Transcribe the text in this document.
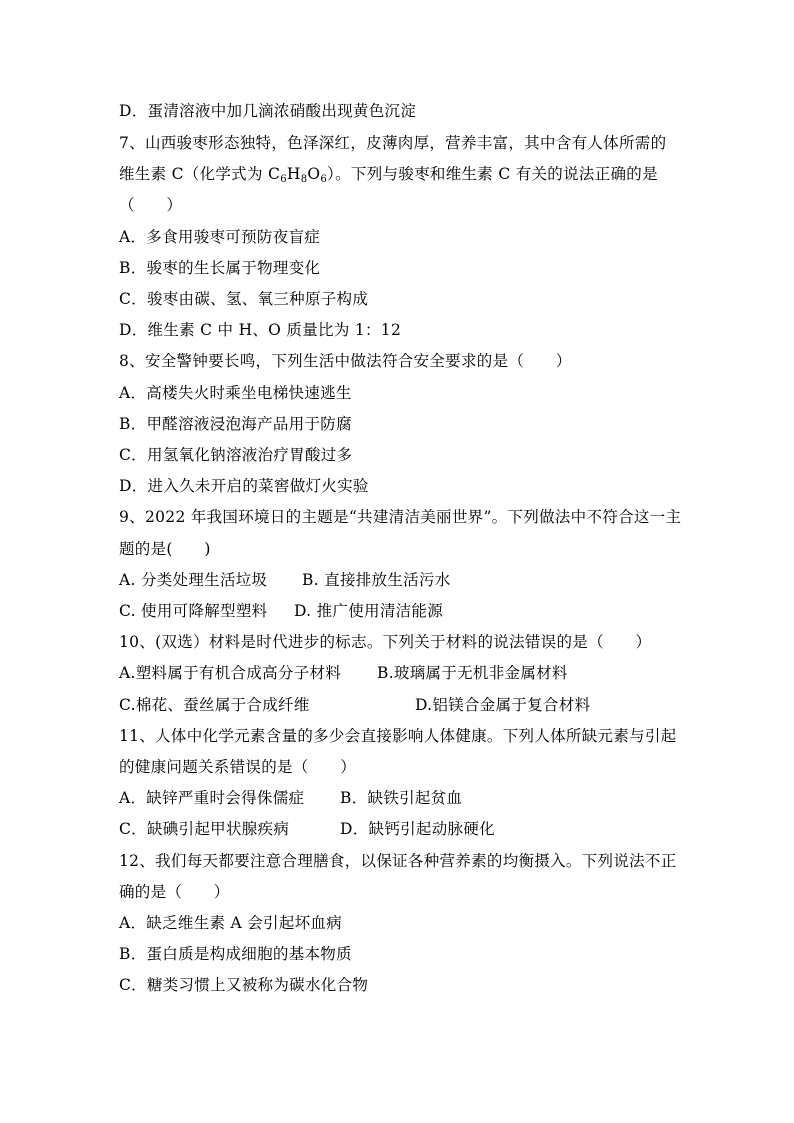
D．蛋清溶液中加几滴浓硝酸出现黄色沉淀
7、山西骏枣形态独特，色泽深红，皮薄肉厚，营养丰富，其中含有人体所需的
维生素 C（化学式为 $C_6H_8O_6$）。下列与骏枣和维生素 C 有关的说法正确的是
（　　）
A．多食用骏枣可预防夜盲症
B．骏枣的生长属于物理变化
C．骏枣由碳、氢、氧三种原子构成
D．维生素 C 中 H、O 质量比为 1：12
8、安全警钟要长鸣，下列生活中做法符合安全要求的是（　　）
A．高楼失火时乘坐电梯快速逃生
B．甲醛溶液浸泡海产品用于防腐
C．用氢氧化钠溶液治疗胃酸过多
D．进入久未开启的菜窖做灯火实验
9、2022 年我国环境日的主题是“共建清洁美丽世界”。下列做法中不符合这一主
题的是(　　)
A. 分类处理生活垃圾 B. 直接排放生活污水
C. 使用可降解型塑料 D. 推广使用清洁能源
10、(双选）材料是时代进步的标志。下列关于材料的说法错误的是（　　）
A.塑料属于有机合成高分子材料 B.玻璃属于无机非金属材料
C.棉花、蚕丝属于合成纤维	D.铝镁合金属于复合材料
11、人体中化学元素含量的多少会直接影响人体健康。下列人体所缺元素与引起
的健康问题关系错误的是（　　）
A．缺锌严重时会得侏儒症 B．缺铁引起贫血
C．缺碘引起甲状腺疾病	D．缺钙引起动脉硬化
12、我们每天都要注意合理膳食，以保证各种营养素的均衡摄入。下列说法不正
确的是（　　）
A．缺乏维生素 A 会引起坏血病
B．蛋白质是构成细胞的基本物质
C．糖类习惯上又被称为碳水化合物
